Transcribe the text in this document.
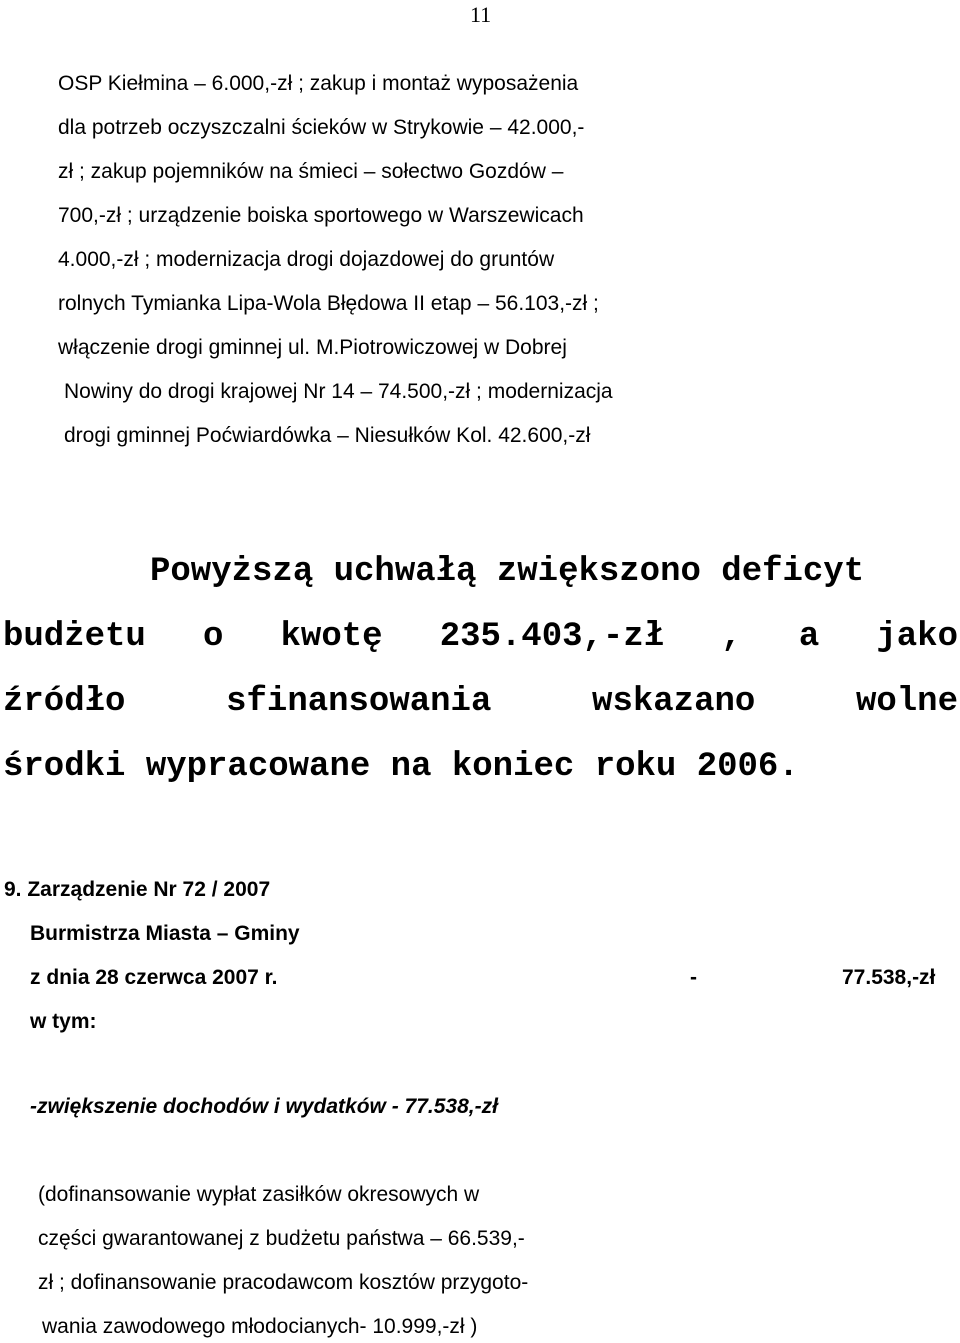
11
OSP Kiełmina – 6.000,-zł ; zakup i montaż wyposażenia
dla potrzeb oczyszczalni ścieków w Strykowie – 42.000,-
zł ; zakup pojemników na śmieci – sołectwo Gozdów –
700,-zł ; urządzenie boiska sportowego w Warszewicach
4.000,-zł ; modernizacja drogi dojazdowej do gruntów
rolnych Tymianka Lipa-Wola Błędowa II etap – 56.103,-zł ;
włączenie drogi gminnej ul. M.Piotrowiczowej w Dobrej
Nowiny do drogi krajowej Nr 14 – 74.500,-zł ; modernizacja
drogi gminnej Poćwiardówka – Niesułków Kol. 42.600,-zł
Powyższą uchwałą zwiększono deficyt
budżetu o kwotę 235.403,-zł , a jako
źródło	sfinansowania	wskazano	wolne
środki wypracowane na koniec roku 2006.
9. Zarządzenie Nr 72 / 2007
Burmistrza Miasta – Gminy
z dnia 28 czerwca 2007 r.	-	77.538,-zł
w tym:
-zwiększenie dochodów i wydatków - 77.538,-zł
(dofinansowanie wypłat zasiłków okresowych w
części gwarantowanej z budżetu państwa – 66.539,-
zł ; dofinansowanie pracodawcom kosztów przygoto-
wania zawodowego młodocianych- 10.999,-zł )
